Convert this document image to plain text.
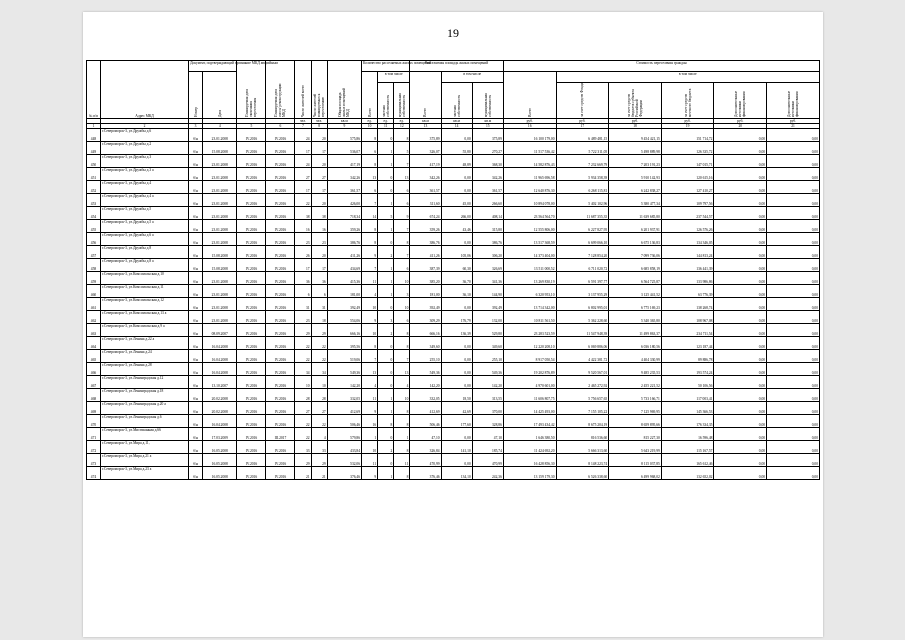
19
№ п/п	Адрес МКД	Документ, подтверждающий признание МКД аварийным		Планируемая дата окончания переселения	Планируемая дата сноса/ реконструкции МКД	Число жителей всего	Число жителей планируемых к переселению	Общая площадь жилых помещений МКД	Количество расселяемых жилых помещений			Расселяемая площадь жилых помещений			Стоимость переселения граждан					
		Номер	Дата						Всего	в том числе		Всего	в том числе		Всего	в том числе				
										частная собственность	муниципальная собственность		частная собственность	муниципальная собственность		за счет средств Фонда	за счет средств бюджета субъекта Российской Федерации	за счет средств местного бюджета	Дополнительные источники финансирования	Дополнительные источники финансирования
						чел.	чел.	кв.м	ед.	ед.	ед.	кв.м	кв.м	кв.м	руб.	руб.	руб.	руб.	руб.	руб.
1	2	3	4	5	6	7	8	9	10	11	12	13	14	15	16	17	18	19	20	21
448	г.Североморск-3, ул.Дружбы д.6	б/н	23.01.2008	IV.2016	IV.2016	24	20	575,86	8	0	8	375,89	0,00	375,89	16 100 179,00	6 489 481,15	9 454 421,15	151 714,72	0,00	0,00
449	г.Североморск-3, ул.Дружбы д.2	б/н	15.08.2008	IV.2016	IV.2016	17	17	536,07	6	1	5	326,07	55,80	270,27	11 517 536,42	5 722 311,05	5 498 889,98	126 335,72	0,00	0,00
450	г.Североморск-3, ул.Дружбы д.3	б/н	23.01.2008	IV.2016	IV.2016	24	20	417,19	8	1	7	417,19	48,89	368,30	14 582 876,43	7 232 669,79	7 203 191,23	147 015,71	0,00	0,00
451	г.Североморск-3, ул.Дружбы д.3 а	б/н	23.01.2008	IV.2016	IV.2016	27	27	342,26	13	0	13	342,26	0,00	342,26	11 965 696,58	5 934 358,39	5 910 142,93	120 615,16	0,00	0,00
452	г.Североморск-3, ул.Дружбы д.4	б/н	23.01.2008	IV.2016	IV.2016	17	17	361,57	6	0	6	361,57	0,00	361,57	12 640 876,30	6 268 115,81	6 242 838,27	127 410,27	0,00	0,00
453	г.Североморск-3, ул.Дружбы д.4 а	б/н	23.01.2008	IV.2016	IV.2016	22	20	426,00	7	1	6	311,60	45,00	266,60	10 894 078,00	5 402 102,96	5 380 477,34	109 797,56	0,00	0,00
454	г.Североморск-3, ул.Дружбы д.5	б/н	23.01.2008	IV.2016	IV.2016	38	38	718,34	14	5	9	674,24	266,00	408,14	23 564 564,70	11 687 355,35	11 639 685,80	237 544,57	0,00	0,00
455	г.Североморск-3, ул.Дружбы д.5 а	б/н	23.01.2008	IV.2016	IV.2016	16	16	359,26	8	1	7	359,26	43,46	315,80	12 555 806,00	6 227 827,95	6 201 937,91	126 576,26	0,00	0,00
456	г.Североморск-3, ул.Дружбы д.6 а	б/н	23.01.2008	IV.2016	IV.2016	23	23	386,76	8	0	8	386,76	0,00	386,76	13 517 368,59	6 699 066,10	6 675 136,83	134 346,05	0,00	0,00
457	г.Североморск-3, ул.Дружбы д.8	б/н	15.08.2008	IV.2016	IV.2016	26	20	411,26	9	2	7	411,26	105,06	306,20	14 373 404,00	7 128 854,20	7 099 736,06	144 813,24	0,00	0,00
458	г.Североморск-3, ул.Дружбы д.8 а	б/н	15.08.2008	IV.2016	IV.2016	17	17	434,69	7	1	6	387,39	60,30	326,69	13 511 000,52	6 711 020,72	6 685 858,19	136 441,39	0,00	0,00
459	г.Североморск-3, ул.Комсомольская д.10	б/н	23.01.2008	IV.2016	IV.2016	36	36	415,36	11	1	10	385,20	36,70	341,36	13 269 830,19	6 591 397,77	6 564 725,87	133 986,86	0,00	0,00
460	г.Североморск-3, ул.Комсомольская д.11	б/н	23.01.2008	IV.2016	IV.2016	6	6	181,00	4	1	3	181,00	36,10	144,90	6 320 953,10	3 137 955,29	3 125 441,52	63 776,39	0,00	0,00
461	г.Североморск-3, ул.Комсомольская д.12	б/н	23.01.2008	IV.2016	IV.2016	31	31	392,49	10	0	10	392,49	0,00	392,49	13 714 342,00	6 802 995,01	6 775 169,23	138 268,74	0,00	0,00
462	г.Североморск-3, ул.Комсомольская д.13 а	б/н	23.01.2008	IV.2016	IV.2016	23	18	554,06	9	3	6	309,29	176,79	132,00	10 811 561,50	5 362 228,60	5 340 365,80	108 967,08	0,00	0,00
463	г.Североморск-3, ул.Комсомольская д.9 а	б/н	08.09.2007	IV.2016	IV.2016	29	29	666,16	10	2	8	666,16	136,39	529,80	23 283 523,59	11 547 948,39	11 499 863,37	234 711,54	0,00	0,00
464	г.Североморск-3, ул.Ленина д.22 а	б/н	16.04.2008	IV.2016	IV.2016	22	22	395,56	8	0	8	349,60	0,00	349,60	12 220 208,10	6 069 886,06	6 036 180,56	123 187,44	0,00	0,00
465	г.Североморск-3, ул.Ленина д.24	б/н	16.04.2008	IV.2016	IV.2016	22	22	519,06	7	0	7	255,10	0,00	255,10	8 917 050,54	4 422 381,72	4 404 330,99	89 886,78	0,00	0,00
466	г.Североморск-3, ул.Ленина д.28	б/н	16.04.2008	IV.2016	IV.2016	34	34	549,36	13	0	13	549,36	0,00	549,36	19 202 876,89	9 520 567,01	9 485 235,53	193 574,24	0,00	0,00
467	г.Североморск-3, ул.Ленинградская д.12	б/н	13.10.2007	IV.2016	IV.2016	10	10	142,20	4	0	4	142,20	0,00	142,20	4 970 601,00	2 465 272,92	2 455 221,52	50 106,56	0,00	0,00
468	г.Североморск-3, ул.Ленинградская д.18	б/н	20.02.2008	IV.2016	IV.2016	28	28	332,05	11	1	10	332,05	18,50	313,55	11 606 807,75	5 756 657,65	5 733 166,71	117 003,41	0,00	0,00
469	г.Североморск-3, ул.Ленинградская д.20 а	б/н	20.02.2008	IV.2016	IV.2016	27	27	412,69	9	1	8	412,69	42,69	370,00	14 425 493,00	7 155 105,22	7 125 969,95	145 366,53	0,00	0,00
470	г.Североморск-3, ул.Ленинградская д.6	б/н	16.04.2008	IV.2016	IV.2016	22	22	506,46	16	8	8	506,46	177,60	328,86	17 493 434,42	8 675 204,19	8 659 895,66	176 334,35	0,00	0,00
471	г.Североморск-3, ул.Мистиканная д.66	б/н	17.03.2009	IV.2016	III.2017	22	4	579,86	1	0	1	47,10	0,00	47,10	1 646 380,50	816 536,60	815 227,30	16 596,48	0,00	0,00
472	г.Североморск-3, ул.Мира д.11,	б/н	16.05.2008	IV.2016	IV.2016	33	33	433,84	10	2	8	326,84	141,10	185,74	11 424 692,20	5 666 313,60	5 643 219,99	115 167,57	0,00	0,00
473	г.Североморск-3, ул.Мира д.21 а	б/н	16.05.2008	IV.2016	IV.2016	29	29	532,06	11	0	11	470,99	0,00	470,99	16 428 856,30	8 148 223,74	8 115 037,85	165 612,46	0,00	0,00
474	г.Североморск-3, ул.Мира д.23 а	б/н	16.05.2008	IV.2016	IV.2016	21	21	376,46	9	1	8	376,46	134,10	242,36	13 159 179,30	6 526 338,60	6 499 968,02	132 652,02	0,00	0,00
